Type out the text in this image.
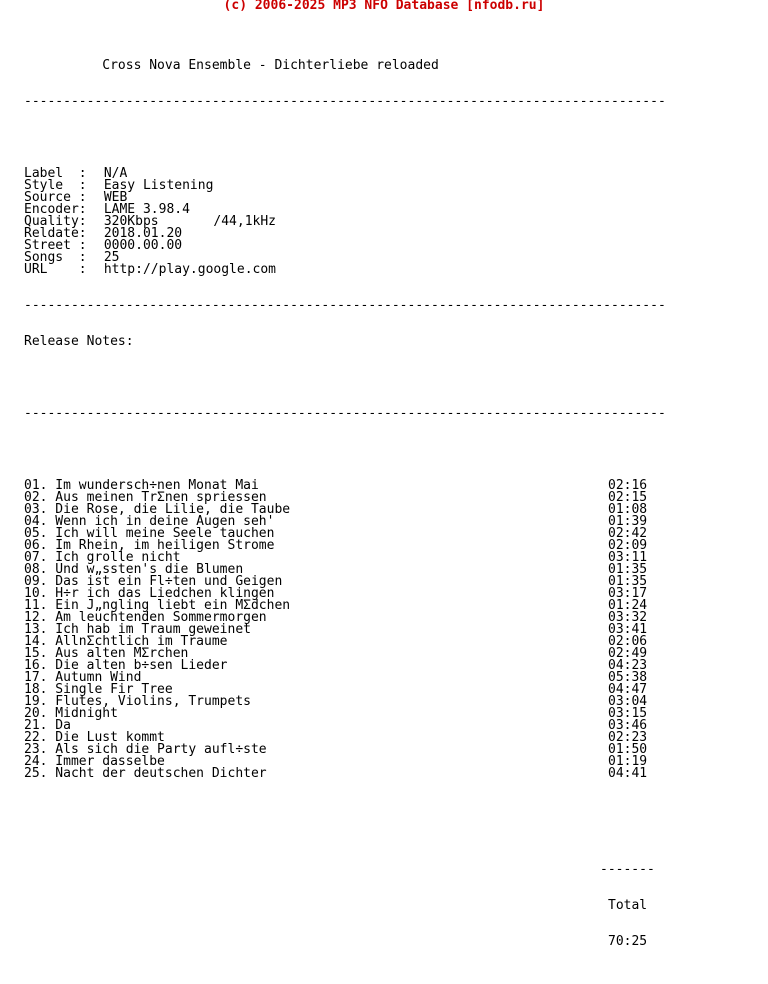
(c) 2006-2025 MP3 NFO Database [nfodb.ru]

Cross Nova Ensemble - Dichterliebe reloaded

----------------------------------------------------------------------------------

Label  : N/A
Style  : Easy Listening
Source : WEB
Encoder: LAME 3.98.4
Quality: 320Kbps       /44,1kHz
Reldate: 2018.01.20
Street : 0000.00.00
Songs  : 25
URL    : http://play.google.com

----------------------------------------------------------------------------------

Release Notes:

----------------------------------------------------------------------------------

01. Im wundersch÷nen Monat Mai	02:16
02. Aus meinen TrΣnen spriessen	02:15
03. Die Rose, die Lilie, die Taube	01:08
04. Wenn ich in deine Augen seh'	01:39
05. Ich will meine Seele tauchen	02:42
06. Im Rhein, im heiligen Strome	02:09
07. Ich grolle nicht	03:11
08. Und w„ssten's die Blumen	01:35
09. Das ist ein Fl÷ten und Geigen	01:35
10. H÷r ich das Liedchen klingen	03:17
11. Ein J„ngling liebt ein MΣdchen	01:24
12. Am leuchtenden Sommermorgen	03:32
13. Ich hab im Traum geweinet	03:41
14. AllnΣchtlich im Traume	02:06
15. Aus alten MΣrchen	02:49
16. Die alten b÷sen Lieder	04:23
17. Autumn Wind	05:38
18. Single Fir Tree	04:47
19. Flutes, Violins, Trumpets	03:04
20. Midnight	03:15
21. Da	03:46
22. Die Lust kommt	02:23
23. Als sich die Party aufl÷ste	01:50
24. Immer dasselbe	01:19
25. Nacht der deutschen Dichter	04:41

-------

Total

70:25
